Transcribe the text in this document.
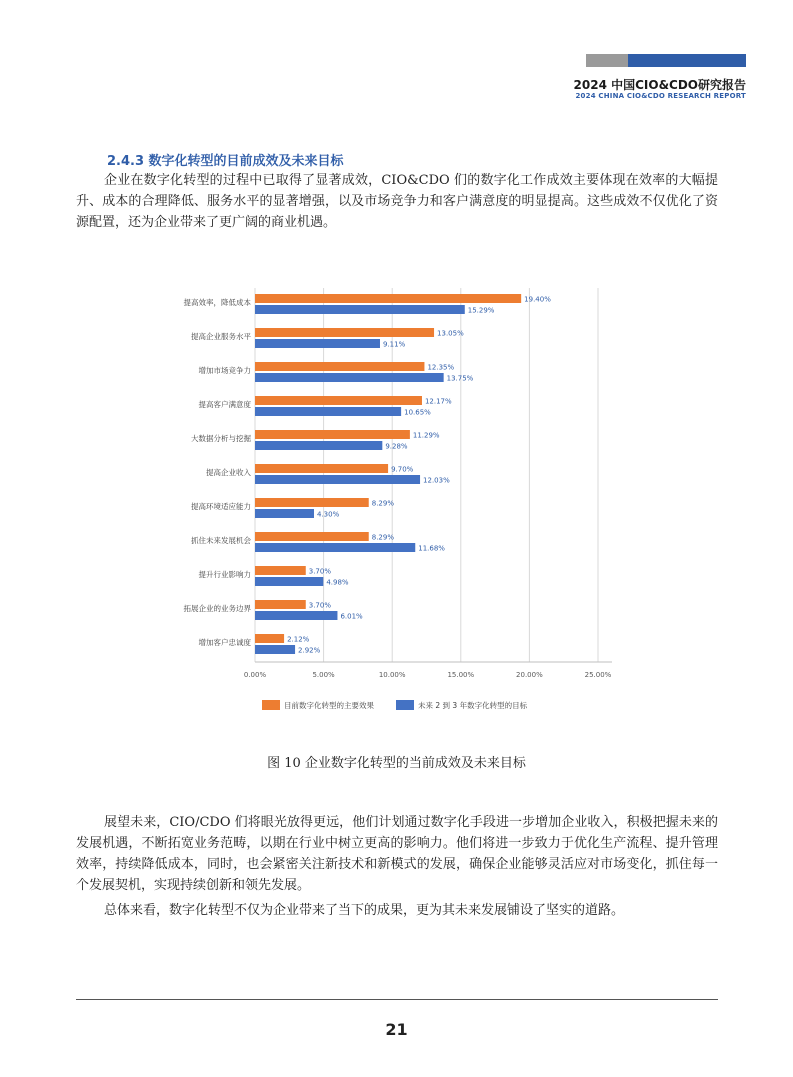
2024 中国CIO&CDO研究报告
2024 CHINA CIO&CDO RESEARCH REPORT
2.4.3 数字化转型的目前成效及未来目标

企业在数字化转型的过程中已取得了显著成效，CIO&CDO 们的数字化工作成效主要体现在效率的大幅提升、成本的合理降低、服务水平的显著增强，以及市场竞争力和客户满意度的明显提高。这些成效不仅优化了资源配置，还为企业带来了更广阔的商业机遇。

0.00%	5.00%	10.00%	15.00%	20.00%	25.00%
提高效率，降低成本	19.40%
15.29%
提高企业服务水平	13.05%
9.11%
增加市场竞争力	12.35%
13.75%
提高客户满意度	12.17%
10.65%
大数据分析与挖掘	11.29%
9.28%
提高企业收入	9.70%
12.03%
提高环境适应能力	8.29%
4.30%
抓住未来发展机会	8.29%
11.68%
提升行业影响力	3.70%
4.98%
拓展企业的业务边界	3.70%
6.01%
增加客户忠诚度	2.12%
2.92%
目前数字化转型的主要效果	未来 2 到 3 年数字化转型的目标
图 10 企业数字化转型的当前成效及未来目标

展望未来，CIO/CDO 们将眼光放得更远，他们计划通过数字化手段进一步增加企业收入，积极把握未来的发展机遇，不断拓宽业务范畴，以期在行业中树立更高的影响力。他们将进一步致力于优化生产流程、提升管理效率，持续降低成本，同时，也会紧密关注新技术和新模式的发展，确保企业能够灵活应对市场变化，抓住每一个发展契机，实现持续创新和领先发展。

总体来看，数字化转型不仅为企业带来了当下的成果，更为其未来发展铺设了坚实的道路。

21
